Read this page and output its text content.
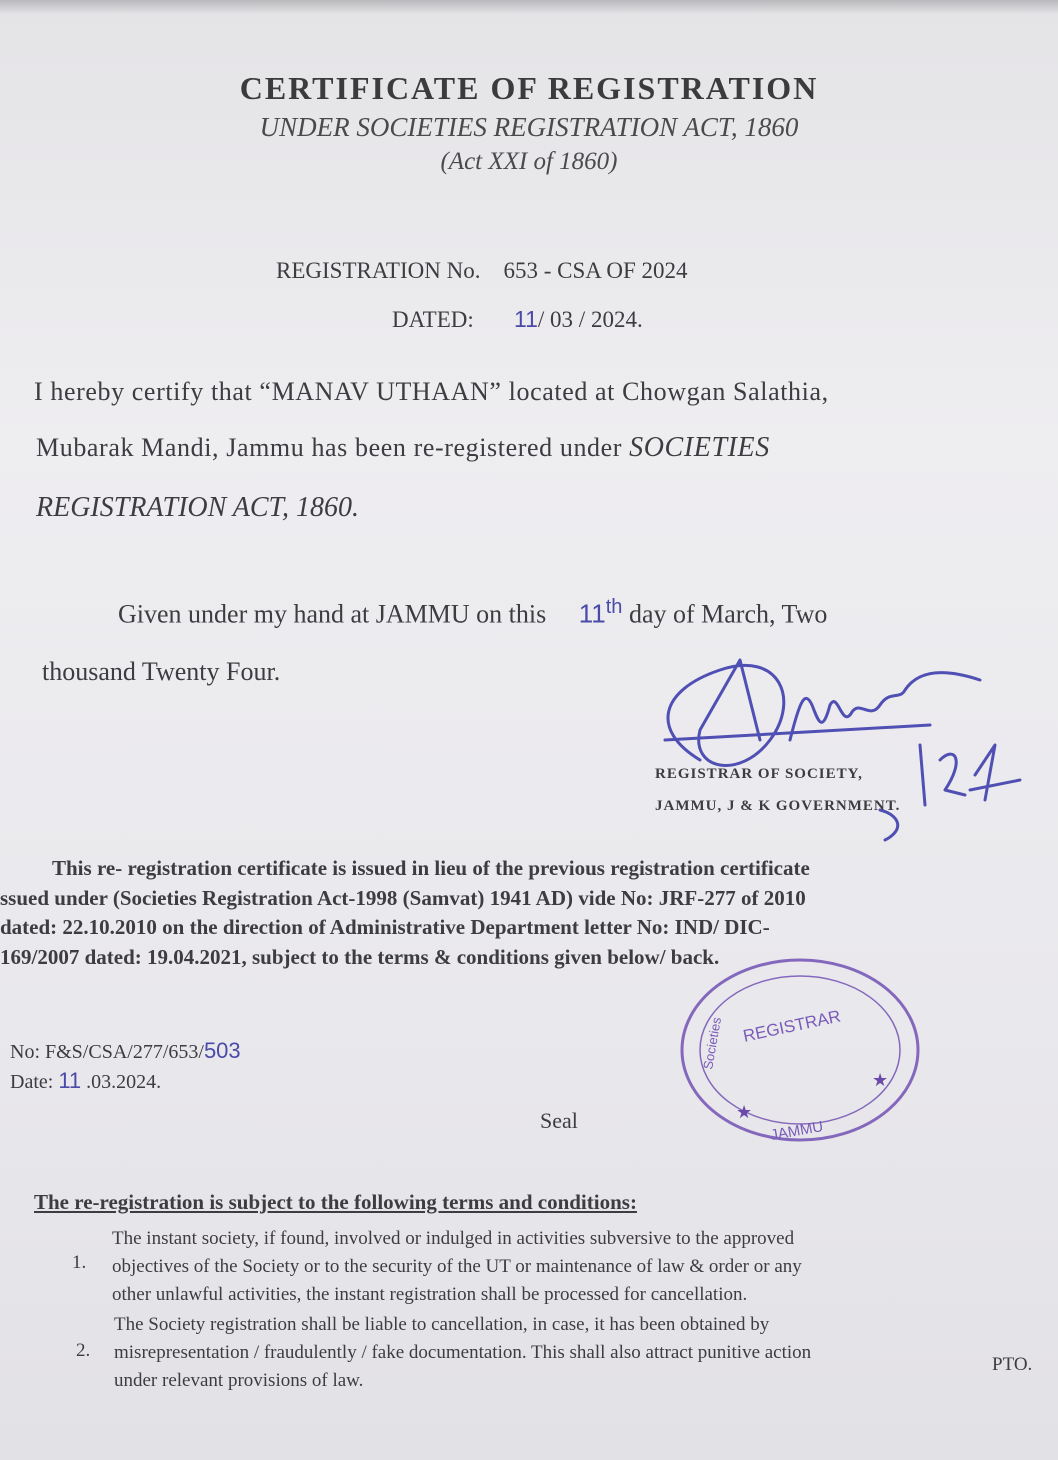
CERTIFICATE OF REGISTRATION
UNDER SOCIETIES REGISTRATION ACT, 1860
(Act XXI of 1860)
REGISTRATION No. 653 - CSA OF 2024
DATED: 11/ 03 / 2024.
I hereby certify that “MANAV UTHAAN” located at Chowgan Salathia,
Mubarak Mandi, Jammu has been re-registered under SOCIETIES
REGISTRATION ACT, 1860.
Given under my hand at JAMMU on this 11th day of March, Two
thousand Twenty Four.
11/3/24
REGISTRAR OF SOCIETY,
JAMMU, J & K GOVERNMENT.
This re- registration certificate is issued in lieu of the previous registration certificate
ssued under (Societies Registration Act-1998 (Samvat) 1941 AD) vide No: JRF-277 of 2010
dated: 22.10.2010 on the direction of Administrative Department letter No: IND/ DIC-
169/2007 dated: 19.04.2021, subject to the terms & conditions given below/ back.
No: F&S/CSA/277/653/503
Date: 11 .03.2024.
Seal
REGISTRAR
JAMMU
Societies
★
★
The re-registration is subject to the following terms and conditions:
1.
The instant society, if found, involved or indulged in activities subversive to the approved
objectives of the Society or to the security of the UT or maintenance of law & order or any
other unlawful activities, the instant registration shall be processed for cancellation.
2.
The Society registration shall be liable to cancellation, in case, it has been obtained by
misrepresentation / fraudulently / fake documentation. This shall also attract punitive action
under relevant provisions of law.
PTO.
